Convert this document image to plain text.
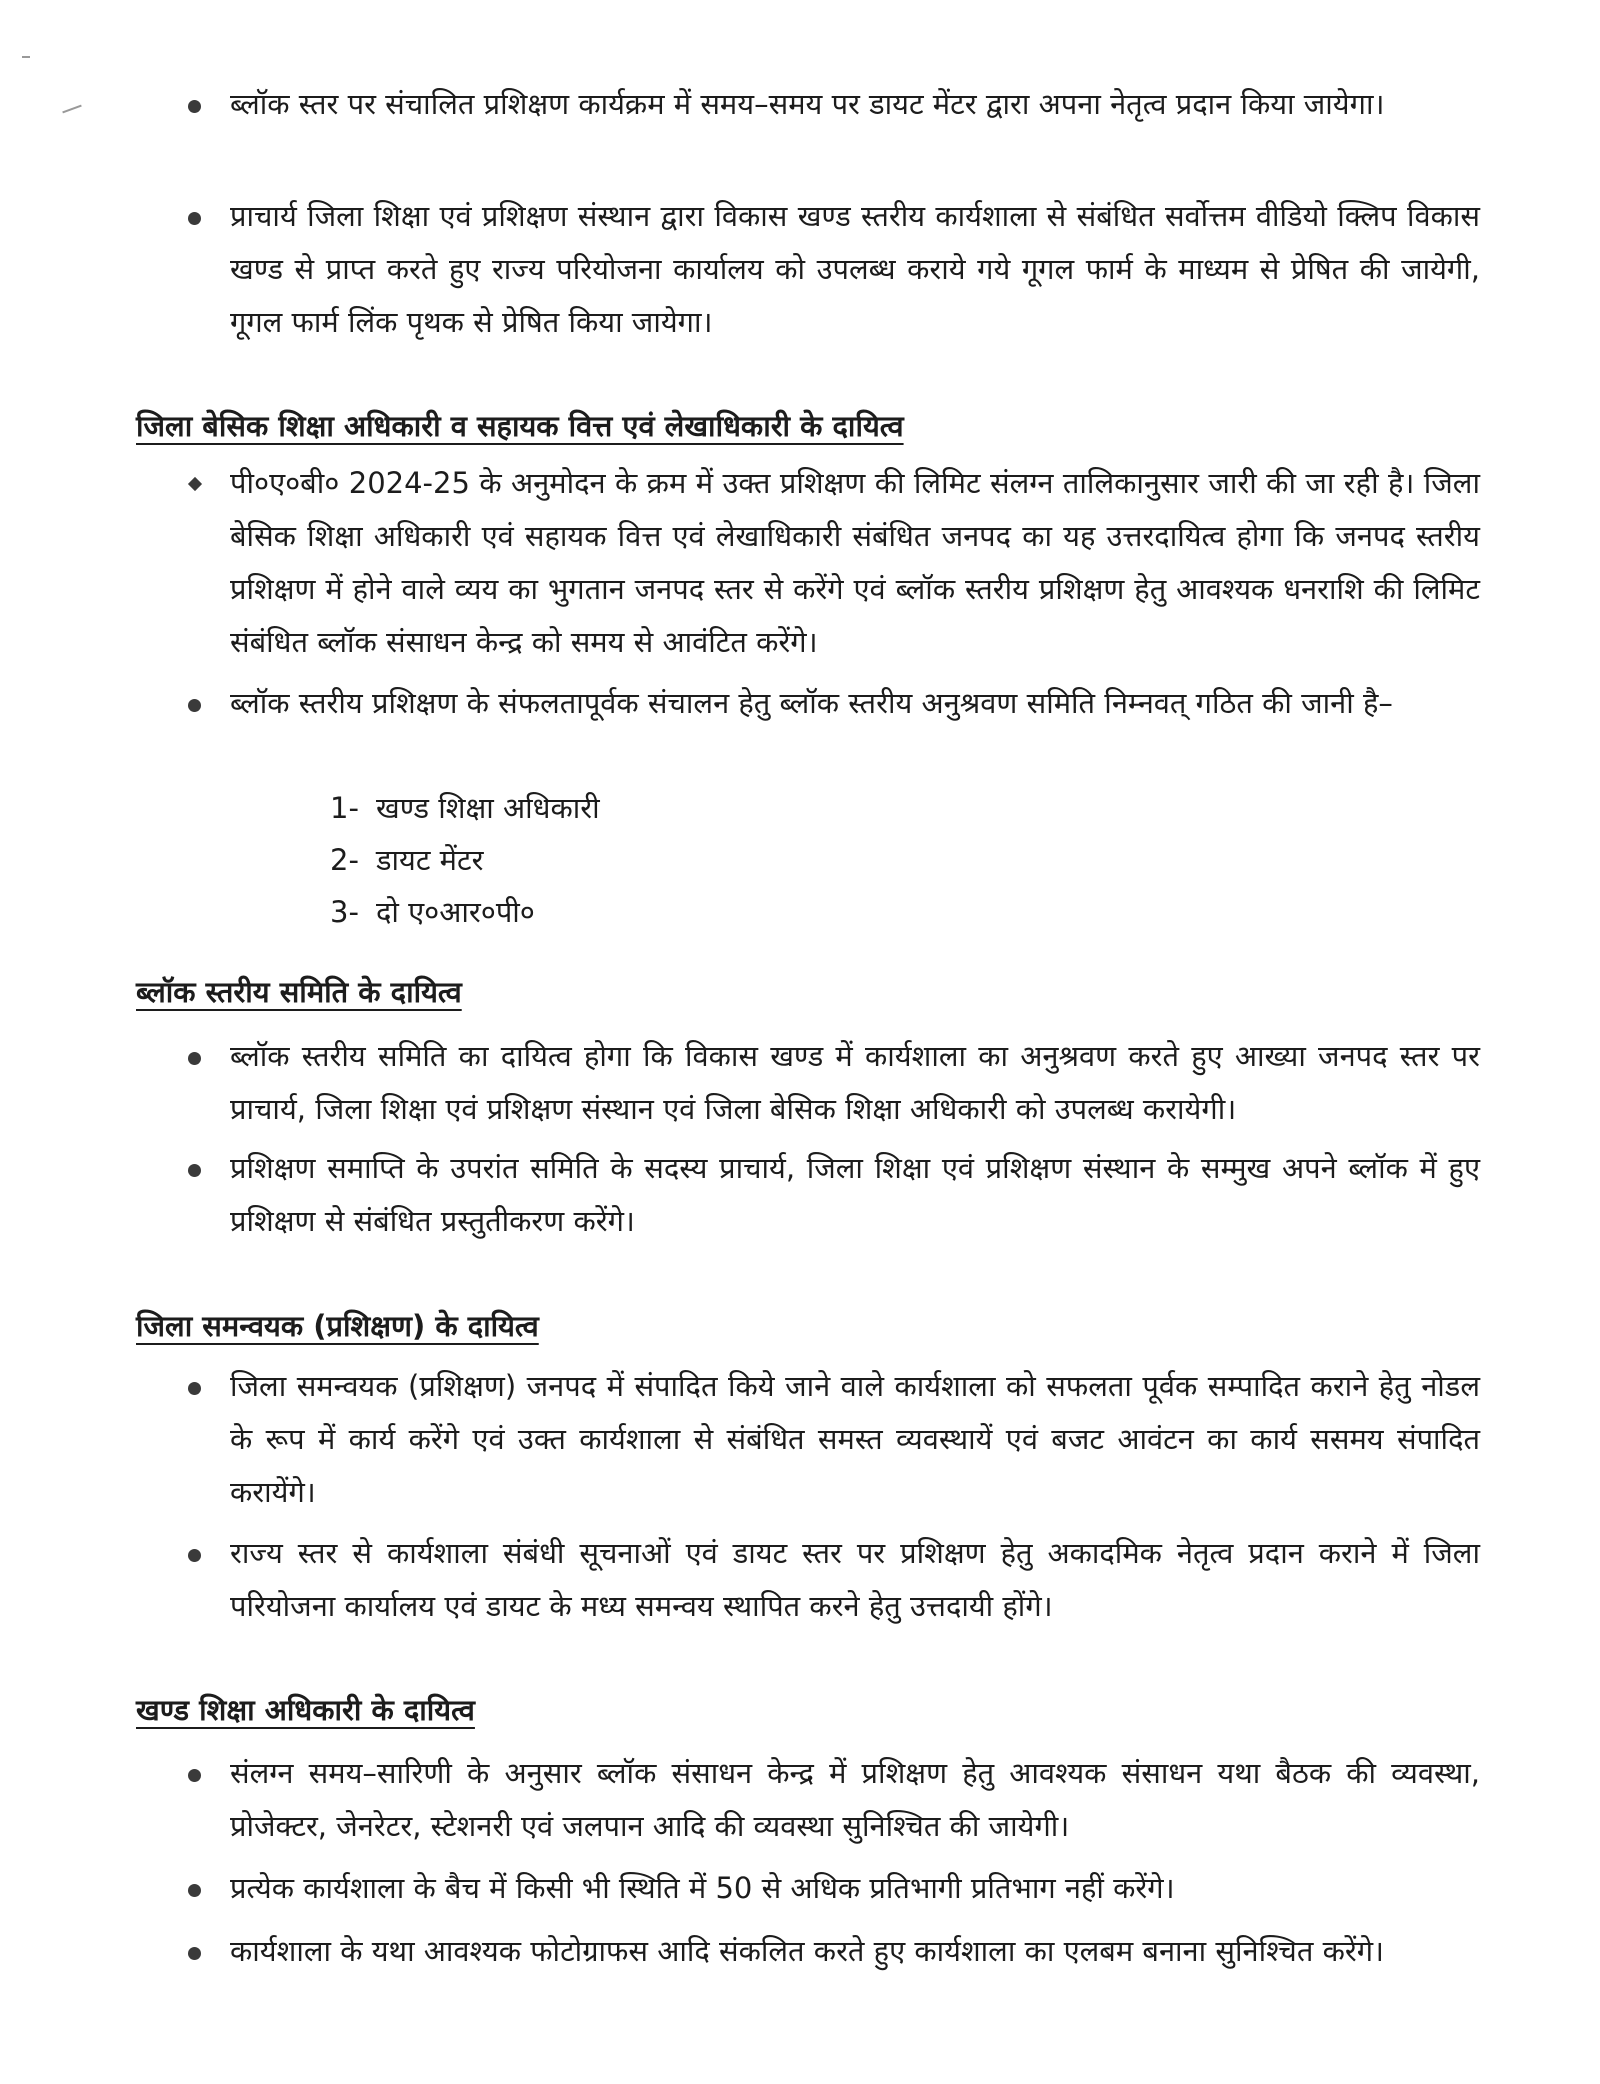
ब्लॉक स्तर पर संचालित प्रशिक्षण कार्यक्रम में समय–समय पर डायट मेंटर द्वारा अपना नेतृत्व प्रदान किया जायेगा।
प्राचार्य जिला शिक्षा एवं प्रशिक्षण संस्थान द्वारा विकास खण्ड स्तरीय कार्यशाला से संबंधित सर्वोत्तम वीडियो क्लिप विकास खण्ड से प्राप्त करते हुए राज्य परियोजना कार्यालय को उपलब्ध कराये गये गूगल फार्म के माध्यम से प्रेषित की जायेगी, गूगल फार्म लिंक पृथक से प्रेषित किया जायेगा।
जिला बेसिक शिक्षा अधिकारी व सहायक वित्त एवं लेखाधिकारी के दायित्व
पी०ए०बी० 2024-25 के अनुमोदन के क्रम में उक्त प्रशिक्षण की लिमिट संलग्न तालिकानुसार जारी की जा रही है। जिला बेसिक शिक्षा अधिकारी एवं सहायक वित्त एवं लेखाधिकारी संबंधित जनपद का यह उत्तरदायित्व होगा कि जनपद स्तरीय प्रशिक्षण में होने वाले व्यय का भुगतान जनपद स्तर से करेंगे एवं ब्लॉक स्तरीय प्रशिक्षण हेतु आवश्यक धनराशि की लिमिट संबंधित ब्लॉक संसाधन केन्द्र को समय से आवंटित करेंगे।
ब्लॉक स्तरीय प्रशिक्षण के संफलतापूर्वक संचालन हेतु ब्लॉक स्तरीय अनुश्रवण समिति निम्नवत् गठित की जानी है–
1- खण्ड शिक्षा अधिकारी
2- डायट मेंटर
3- दो ए०आर०पी०
ब्लॉक स्तरीय समिति के दायित्व
ब्लॉक स्तरीय समिति का दायित्व होगा कि विकास खण्ड में कार्यशाला का अनुश्रवण करते हुए आख्या जनपद स्तर पर प्राचार्य, जिला शिक्षा एवं प्रशिक्षण संस्थान एवं जिला बेसिक शिक्षा अधिकारी को उपलब्ध करायेगी।
प्रशिक्षण समाप्ति के उपरांत समिति के सदस्य प्राचार्य, जिला शिक्षा एवं प्रशिक्षण संस्थान के सम्मुख अपने ब्लॉक में हुए प्रशिक्षण से संबंधित प्रस्तुतीकरण करेंगे।
जिला समन्वयक (प्रशिक्षण) के दायित्व
जिला समन्वयक (प्रशिक्षण) जनपद में संपादित किये जाने वाले कार्यशाला को सफलता पूर्वक सम्पादित कराने हेतु नोडल के रूप में कार्य करेंगे एवं उक्त कार्यशाला से संबंधित समस्त व्यवस्थायें एवं बजट आवंटन का कार्य ससमय संपादित करायेंगे।
राज्य स्तर से कार्यशाला संबंधी सूचनाओं एवं डायट स्तर पर प्रशिक्षण हेतु अकादमिक नेतृत्व प्रदान कराने में जिला परियोजना कार्यालय एवं डायट के मध्य समन्वय स्थापित करने हेतु उत्तदायी होंगे।
खण्ड शिक्षा अधिकारी के दायित्व
संलग्न समय–सारिणी के अनुसार ब्लॉक संसाधन केन्द्र में प्रशिक्षण हेतु आवश्यक संसाधन यथा बैठक की व्यवस्था, प्रोजेक्टर, जेनरेटर, स्टेशनरी एवं जलपान आदि की व्यवस्था सुनिश्चित की जायेगी।
प्रत्येक कार्यशाला के बैच में किसी भी स्थिति में 50 से अधिक प्रतिभागी प्रतिभाग नहीं करेंगे।
कार्यशाला के यथा आवश्यक फोटोग्राफस आदि संकलित करते हुए कार्यशाला का एलबम बनाना सुनिश्चित करेंगे।
